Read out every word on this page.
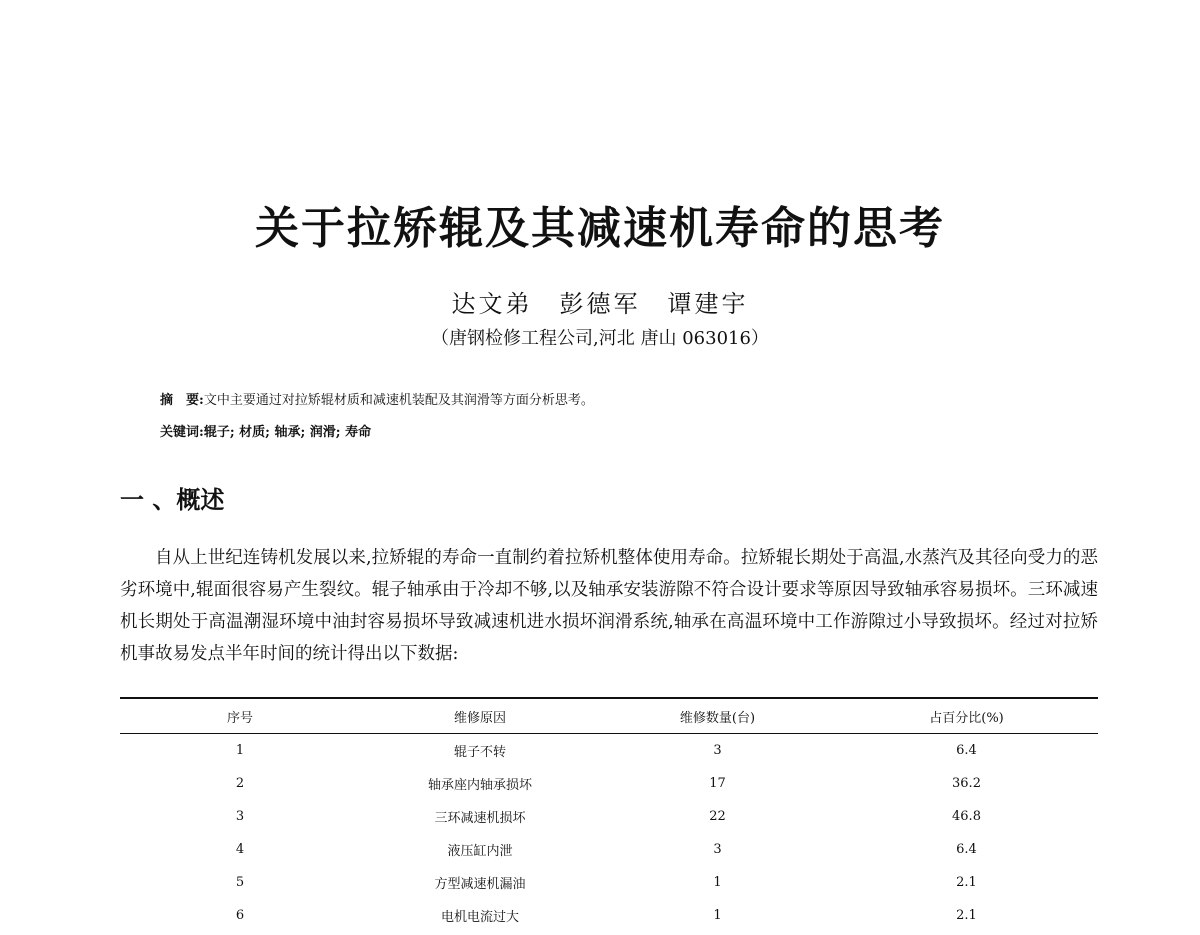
关于拉矫辊及其减速机寿命的思考
达文弟　彭德军　谭建宇
（唐钢检修工程公司,河北 唐山 063016）
摘　要:文中主要通过对拉矫辊材质和减速机装配及其润滑等方面分析思考。
关键词:辊子; 材质; 轴承; 润滑; 寿命
一 、概述
自从上世纪连铸机发展以来,拉矫辊的寿命一直制约着拉矫机整体使用寿命。拉矫辊长期处于高温,水蒸汽及其径向受力的恶劣环境中,辊面很容易产生裂纹。辊子轴承由于冷却不够,以及轴承安装游隙不符合设计要求等原因导致轴承容易损坏。三环减速机长期处于高温潮湿环境中油封容易损坏导致减速机进水损坏润滑系统,轴承在高温环境中工作游隙过小导致损坏。经过对拉矫机事故易发点半年时间的统计得出以下数据:
序号	维修原因	维修数量(台)	占百分比(%)
1	辊子不转	3	6.4
2	轴承座内轴承损坏	17	36.2
3	三环减速机损坏	22	46.8
4	液压缸内泄	3	6.4
5	方型减速机漏油	1	2.1
6	电机电流过大	1	2.1
